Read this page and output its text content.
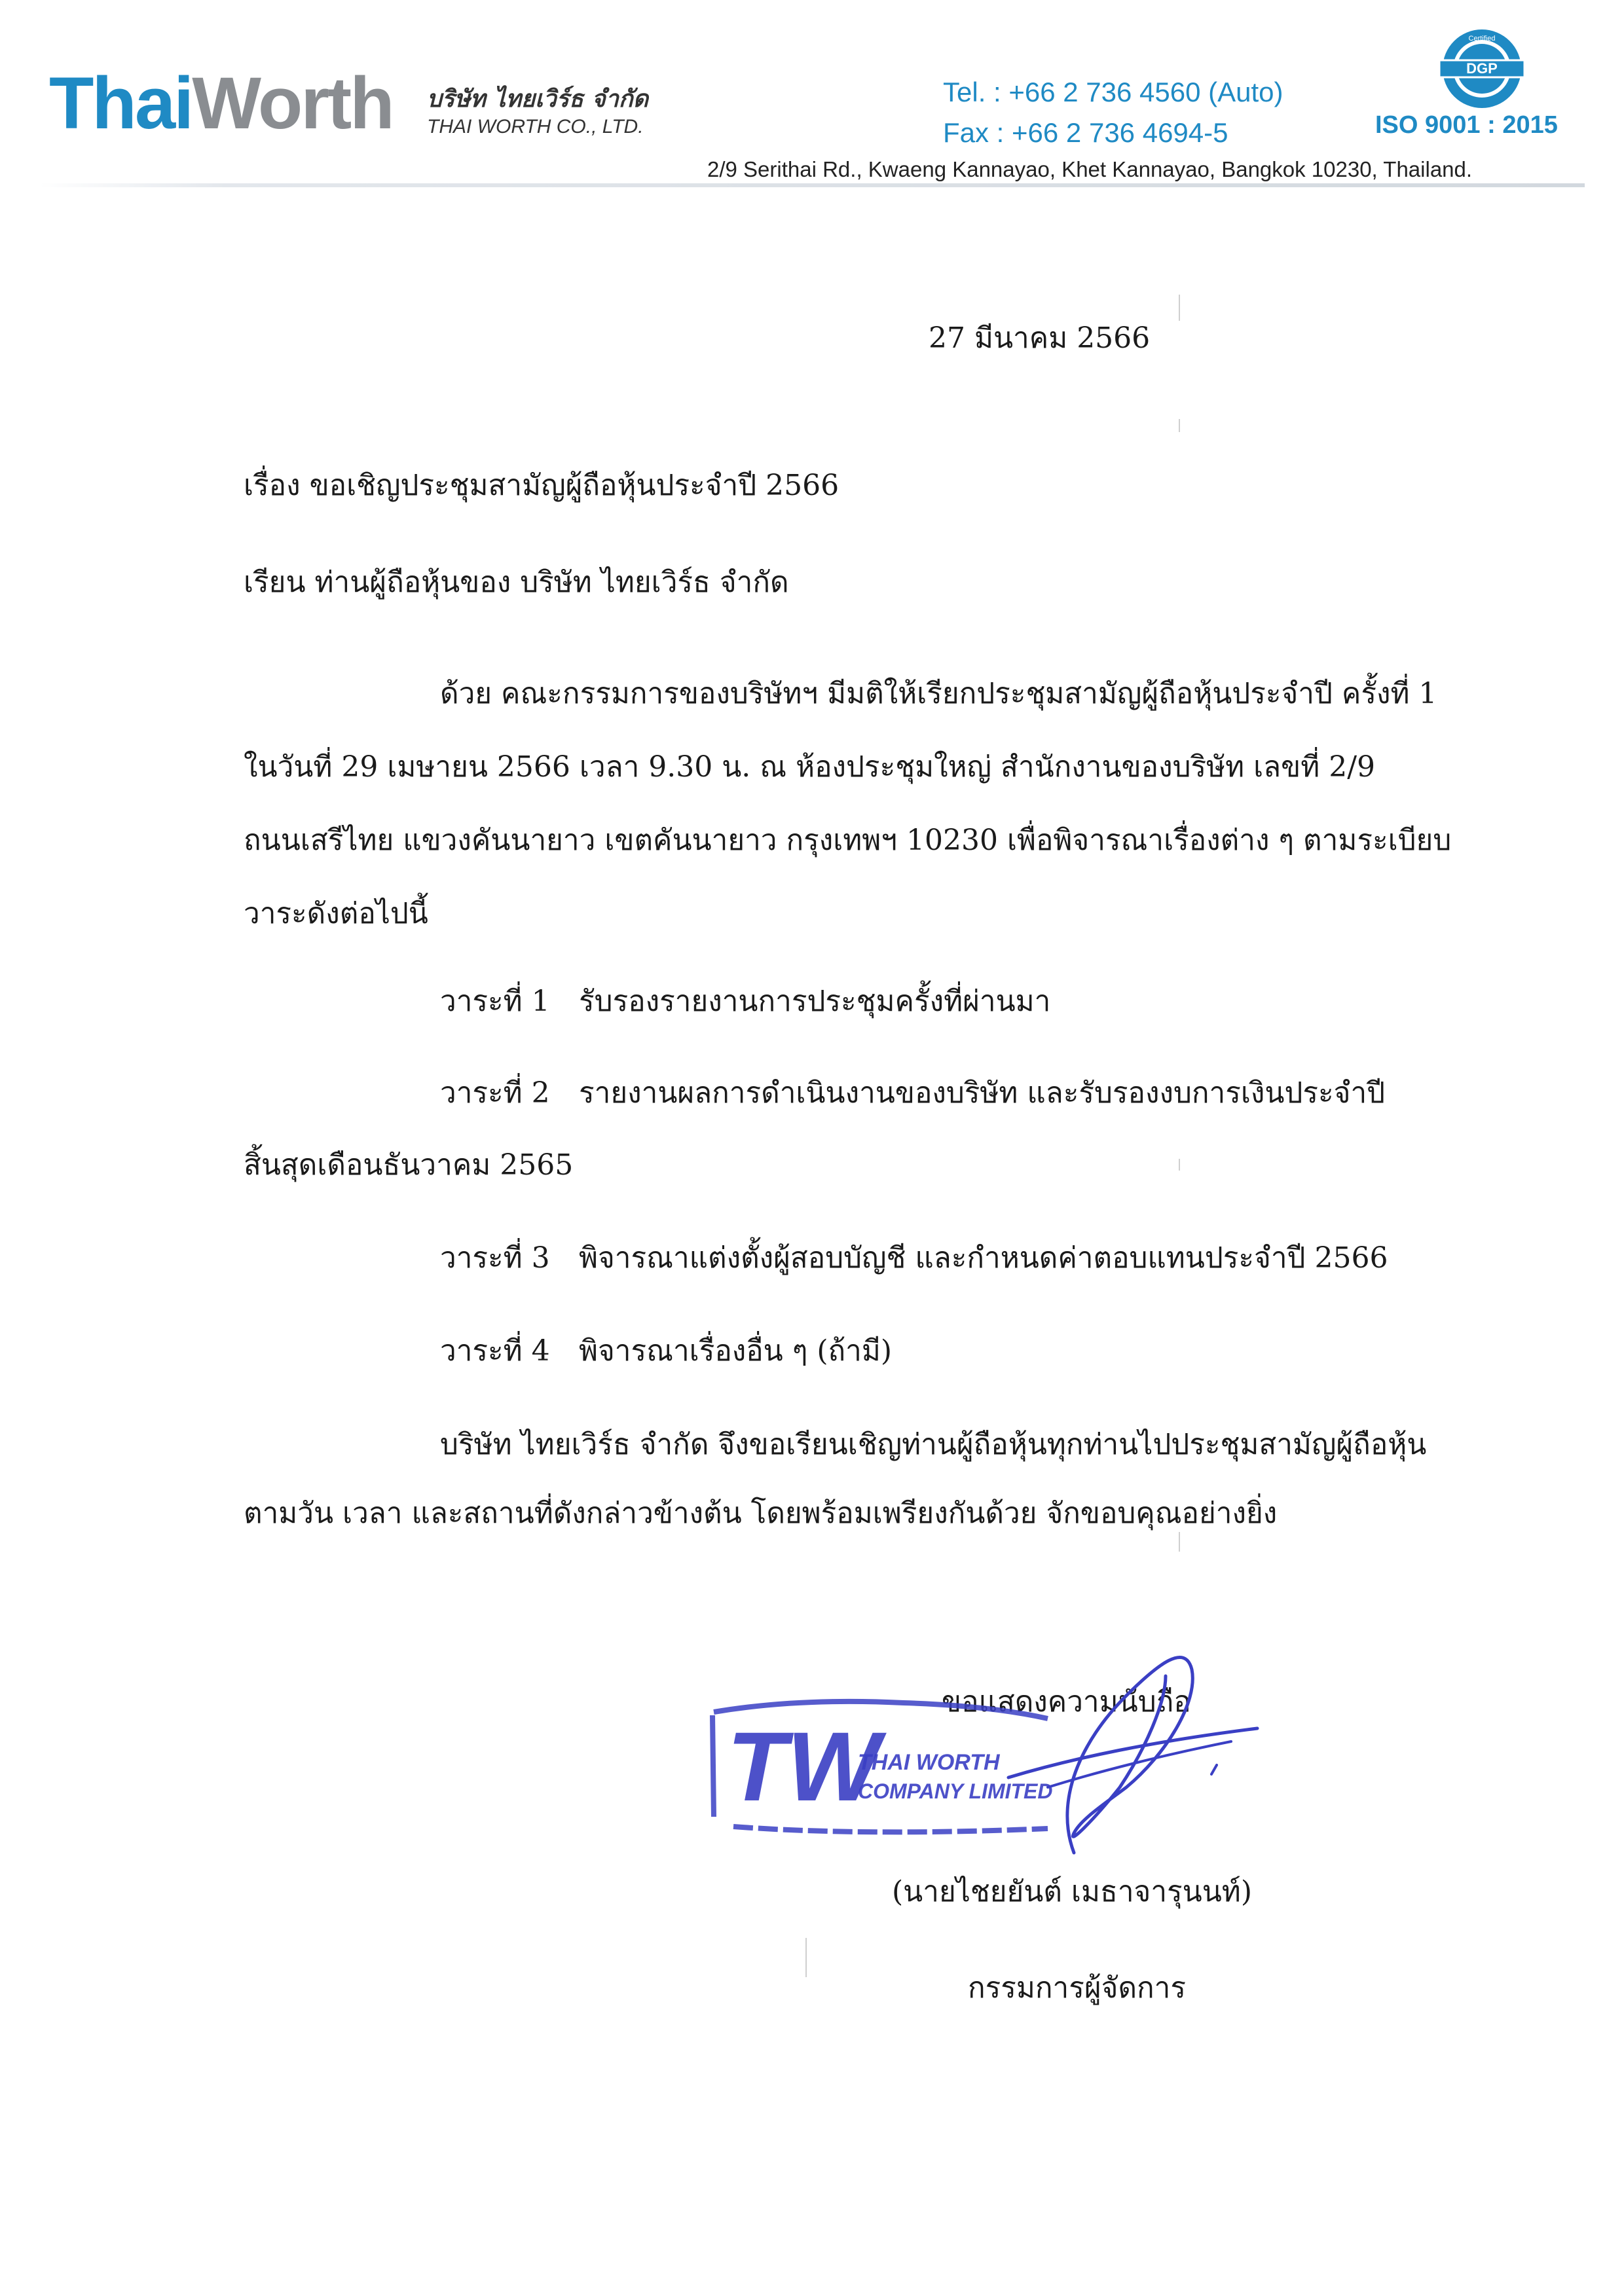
ThaiWorth บริษัท ไทยเวิร์ธ จำกัด
THAI WORTH CO., LTD.
Tel. : +66 2 736 4560 (Auto)
Fax : +66 2 736 4694-5
DGP
Certified
ISO 9001 : 2015
2/9 Serithai Rd., Kwaeng Kannayao, Khet Kannayao, Bangkok 10230, Thailand.
27 มีนาคม 2566
เรื่อง ขอเชิญประชุมสามัญผู้ถือหุ้นประจำปี 2566
เรียน ท่านผู้ถือหุ้นของ บริษัท ไทยเวิร์ธ จำกัด
ด้วย คณะกรรมการของบริษัทฯ มีมติให้เรียกประชุมสามัญผู้ถือหุ้นประจำปี ครั้งที่ 1
ในวันที่ 29 เมษายน 2566 เวลา 9.30 น. ณ ห้องประชุมใหญ่ สำนักงานของบริษัท เลขที่ 2/9
ถนนเสรีไทย แขวงคันนายาว เขตคันนายาว กรุงเทพฯ 10230 เพื่อพิจารณาเรื่องต่าง ๆ ตามระเบียบ
วาระดังต่อไปนี้
วาระที่ 1 รับรองรายงานการประชุมครั้งที่ผ่านมา
วาระที่ 2 รายงานผลการดำเนินงานของบริษัท และรับรองงบการเงินประจำปี
สิ้นสุดเดือนธันวาคม 2565
วาระที่ 3 พิจารณาแต่งตั้งผู้สอบบัญชี และกำหนดค่าตอบแทนประจำปี 2566
วาระที่ 4 พิจารณาเรื่องอื่น ๆ (ถ้ามี)
บริษัท ไทยเวิร์ธ จำกัด จึงขอเรียนเชิญท่านผู้ถือหุ้นทุกท่านไปประชุมสามัญผู้ถือหุ้น
ตามวัน เวลา และสถานที่ดังกล่าวข้างต้น โดยพร้อมเพรียงกันด้วย จักขอบคุณอย่างยิ่ง
ขอแสดงความนับถือ
TW
THAI WORTH
COMPANY LIMITED
(นายไชยยันต์ เมธาจารุนนท์)
กรรมการผู้จัดการ
